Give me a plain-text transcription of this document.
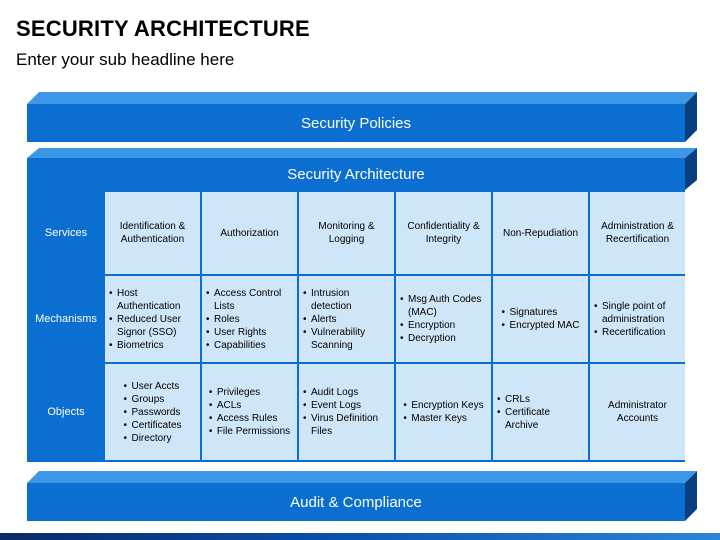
SECURITY ARCHITECTURE
Enter your sub headline here
Security Policies
Security Architecture
Services
Mechanisms
Objects
Identification & Authentication
Authorization
Monitoring & Logging
Confidentiality & Integrity
Non-Repudiation
Administration & Recertification
• Host Authentication
• Reduced User Signor (SSO)
• Biometrics
• Access Control Lists
• Roles
• User Rights
• Capabilities
• Intrusion detection
• Alerts
• Vulnerability Scanning
• Msg Auth Codes (MAC)
• Encryption
• Decryption
• Signatures
• Encrypted MAC
• Single point of administration
• Recertification
• User Accts
• Groups
• Passwords
• Certificates
• Directory
• Privileges
• ACLs
• Access Rules
• File Permissions
• Audit Logs
• Event Logs
• Virus Definition Files
• Encryption Keys
• Master Keys
• CRLs
• Certificate Archive
Administrator Accounts
Audit & Compliance
